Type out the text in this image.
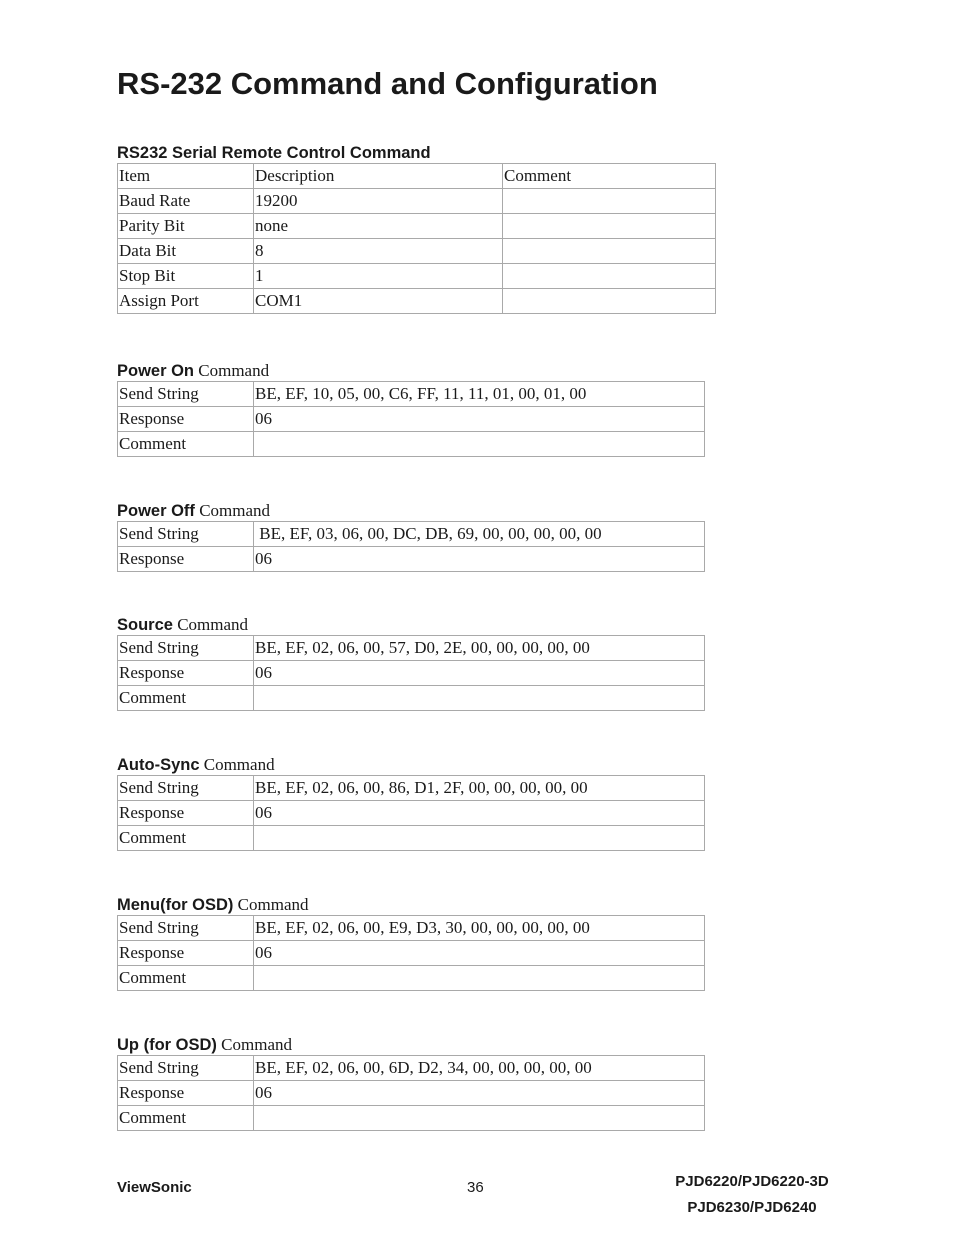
RS-232 Command and Configuration
RS232 Serial Remote Control Command
Item	Description	Comment
Baud Rate	19200	
Parity Bit	none	
Data Bit	8	
Stop Bit	1	
Assign Port	COM1	
Power On Command
Send String	BE, EF, 10, 05, 00, C6, FF, 11, 11, 01, 00, 01, 00
Response	06
Comment	
Power Off Command
Send String	BE, EF, 03, 06, 00, DC, DB, 69, 00, 00, 00, 00, 00
Response	06
Source Command
Send String	BE, EF, 02, 06, 00, 57, D0, 2E, 00, 00, 00, 00, 00
Response	06
Comment	
Auto-Sync Command
Send String	BE, EF, 02, 06, 00, 86, D1, 2F, 00, 00, 00, 00, 00
Response	06
Comment	
Menu(for OSD) Command
Send String	BE, EF, 02, 06, 00, E9, D3, 30, 00, 00, 00, 00, 00
Response	06
Comment	
Up (for OSD) Command
Send String	BE, EF, 02, 06, 00, 6D, D2, 34, 00, 00, 00, 00, 00
Response	06
Comment	
ViewSonic	36	PJD6220/PJD6220-3D
PJD6230/PJD6240
